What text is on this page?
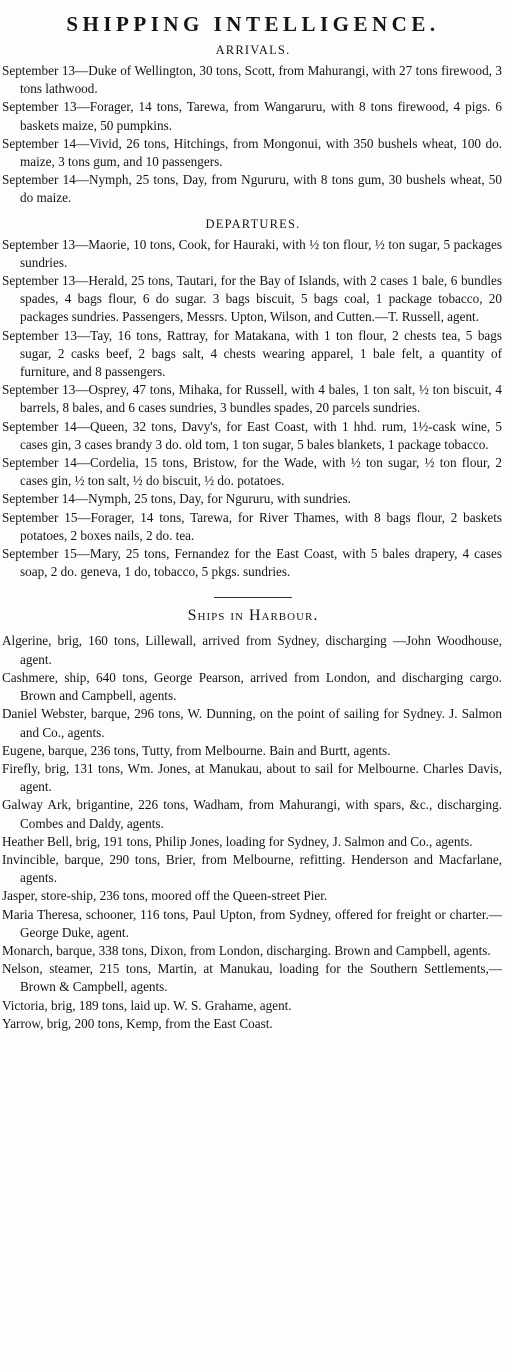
SHIPPING INTELLIGENCE.
ARRIVALS.

September 13—Duke of Wellington, 30 tons, Scott, from Mahurangi, with 27 tons firewood, 3 tons lathwood.

September 13—Forager, 14 tons, Tarewa, from Wangaruru, with 8 tons firewood, 4 pigs. 6 baskets maize, 50 pumpkins.

September 14—Vivid, 26 tons, Hitchings, from Mongonui, with 350 bushels wheat, 100 do. maize, 3 tons gum, and 10 passengers.

September 14—Nymph, 25 tons, Day, from Ngururu, with 8 tons gum, 30 bushels wheat, 50 do maize.

DEPARTURES.

September 13—Maorie, 10 tons, Cook, for Hauraki, with ½ ton flour, ½ ton sugar, 5 packages sundries.

September 13—Herald, 25 tons, Tautari, for the Bay of Islands, with 2 cases 1 bale, 6 bundles spades, 4 bags flour, 6 do sugar. 3 bags biscuit, 5 bags coal, 1 package tobacco, 20 packages sundries. Passengers, Messrs. Upton, Wilson, and Cutten.—T. Russell, agent.

September 13—Tay, 16 tons, Rattray, for Matakana, with 1 ton flour, 2 chests tea, 5 bags sugar, 2 casks beef, 2 bags salt, 4 chests wearing apparel, 1 bale felt, a quantity of furniture, and 8 passengers.

September 13—Osprey, 47 tons, Mihaka, for Russell, with 4 bales, 1 ton salt, ½ ton biscuit, 4 barrels, 8 bales, and 6 cases sundries, 3 bundles spades, 20 parcels sundries.

September 14—Queen, 32 tons, Davy's, for East Coast, with 1 hhd. rum, 1½-cask wine, 5 cases gin, 3 cases brandy 3 do. old tom, 1 ton sugar, 5 bales blankets, 1 package tobacco.

September 14—Cordelia, 15 tons, Bristow, for the Wade, with ½ ton sugar, ½ ton flour, 2 cases gin, ½ ton salt, ½ do biscuit, ½ do. potatoes.

September 14—Nymph, 25 tons, Day, for Ngururu, with sundries.

September 15—Forager, 14 tons, Tarewa, for River Thames, with 8 bags flour, 2 baskets potatoes, 2 boxes nails, 2 do. tea.

September 15—Mary, 25 tons, Fernandez for the East Coast, with 5 bales drapery, 4 cases soap, 2 do. geneva, 1 do, tobacco, 5 pkgs. sundries.

Ships in Harbour.

Algerine, brig, 160 tons, Lillewall, arrived from Sydney, discharging —John Woodhouse, agent.

Cashmere, ship, 640 tons, George Pearson, arrived from London, and discharging cargo. Brown and Campbell, agents.

Daniel Webster, barque, 296 tons, W. Dunning, on the point of sailing for Sydney. J. Salmon and Co., agents.

Eugene, barque, 236 tons, Tutty, from Melbourne. Bain and Burtt, agents.

Firefly, brig, 131 tons, Wm. Jones, at Manukau, about to sail for Melbourne. Charles Davis, agent.

Galway Ark, brigantine, 226 tons, Wadham, from Mahurangi, with spars, &c., discharging. Combes and Daldy, agents.

Heather Bell, brig, 191 tons, Philip Jones, loading for Sydney, J. Salmon and Co., agents.

Invincible, barque, 290 tons, Brier, from Melbourne, refitting. Henderson and Macfarlane, agents.

Jasper, store-ship, 236 tons, moored off the Queen-street Pier.

Maria Theresa, schooner, 116 tons, Paul Upton, from Sydney, offered for freight or charter.—George Duke, agent.

Monarch, barque, 338 tons, Dixon, from London, discharging. Brown and Campbell, agents.

Nelson, steamer, 215 tons, Martin, at Manukau, loading for the Southern Settlements,— Brown & Campbell, agents.

Victoria, brig, 189 tons, laid up. W. S. Grahame, agent.

Yarrow, brig, 200 tons, Kemp, from the East Coast.
